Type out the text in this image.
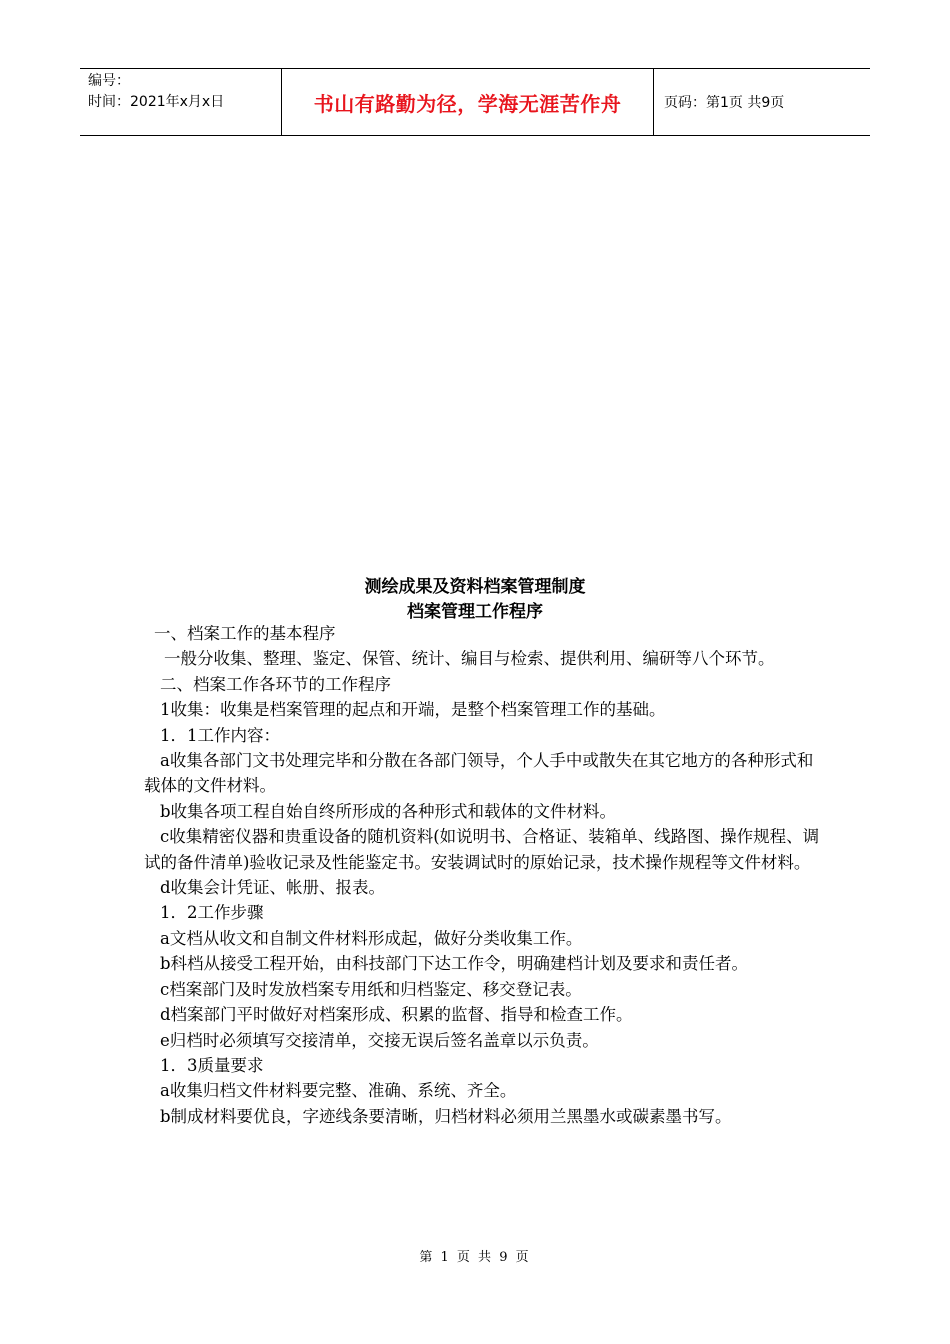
编号：
时间：2021年x月x日	书山有路勤为径，学海无涯苦作舟	页码：第1页 共9页
测绘成果及资料档案管理制度
档案管理工作程序

一、档案工作的基本程序

一般分收集、整理、鉴定、保管、统计、编目与检索、提供利用、编研等八个环节。

二、档案工作各环节的工作程序

1收集：收集是档案管理的起点和开端，是整个档案管理工作的基础。

1．1工作内容：

a收集各部门文书处理完毕和分散在各部门领导，个人手中或散失在其它地方的各种形式和载体的文件材料。

b收集各项工程自始自终所形成的各种形式和载体的文件材料。

c收集精密仪器和贵重设备的随机资料(如说明书、合格证、装箱单、线路图、操作规程、调试的备件清单)验收记录及性能鉴定书。安装调试时的原始记录，技术操作规程等文件材料。

d收集会计凭证、帐册、报表。

1．2工作步骤

a文档从收文和自制文件材料形成起，做好分类收集工作。

b科档从接受工程开始，由科技部门下达工作令，明确建档计划及要求和责任者。

c档案部门及时发放档案专用纸和归档鉴定、移交登记表。

d档案部门平时做好对档案形成、积累的监督、指导和检查工作。

e归档时必须填写交接清单，交接无误后签名盖章以示负责。

1．3质量要求

a收集归档文件材料要完整、准确、系统、齐全。

b制成材料要优良，字迹线条要清晰，归档材料必须用兰黑墨水或碳素墨书写。

第 1 页 共 9 页
